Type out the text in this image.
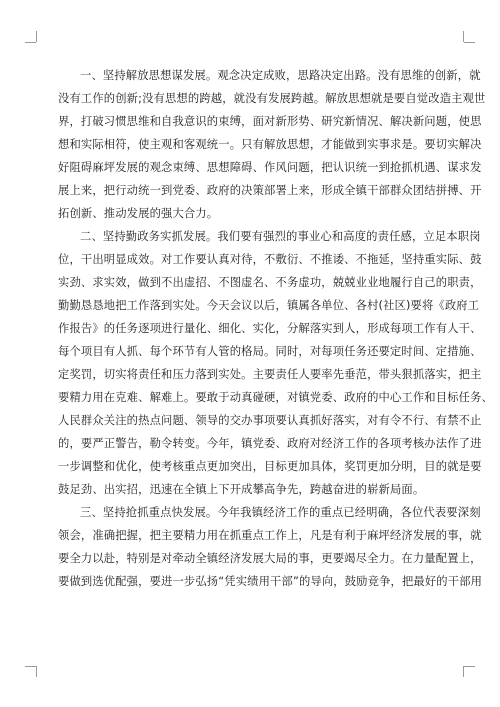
一、坚持解放思想谋发展。观念决定成败，思路决定出路。没有思维的创新，就
没有工作的创新;没有思想的跨越，就没有发展跨越。解放思想就是要自觉改造主观世
界，打破习惯思维和自我意识的束缚，面对新形势、研究新情况、解决新问题，使思
想和实际相符，使主观和客观统一。只有解放思想，才能做到实事求是。要切实解决
好阻碍麻坪发展的观念束缚、思想障碍、作风问题，把认识统一到抢抓机遇、谋求发
展上来，把行动统一到党委、政府的决策部署上来，形成全镇干部群众团结拼搏、开
拓创新、推动发展的强大合力。
二、坚持勤政务实抓发展。我们要有强烈的事业心和高度的责任感，立足本职岗
位，干出明显成效。对工作要认真对待，不敷衍、不推诿、不拖延，坚持重实际、鼓
实劲、求实效，做到不出虚招、不图虚名、不务虚功，兢兢业业地履行自己的职责，
勤勤恳恳地把工作落到实处。今天会议以后，镇属各单位、各村(社区)要将《政府工
作报告》的任务逐项进行量化、细化、实化，分解落实到人，形成每项工作有人干、
每个项目有人抓、每个环节有人管的格局。同时，对每项任务还要定时间、定措施、
定奖罚，切实将责任和压力落到实处。主要责任人要率先垂范，带头狠抓落实，把主
要精力用在克难、解难上。要敢于动真碰硬，对镇党委、政府的中心工作和目标任务、
人民群众关注的热点问题、领导的交办事项要认真抓好落实，对有令不行、有禁不止
的，要严正警告，勒令转变。今年，镇党委、政府对经济工作的各项考核办法作了进
一步调整和优化，使考核重点更加突出，目标更加具体，奖罚更加分明，目的就是要
鼓足劲、出实招，迅速在全镇上下开成攀高争先，跨越奋进的崭新局面。
三、坚持抢抓重点快发展。今年我镇经济工作的重点已经明确，各位代表要深刻
领会，准确把握，把主要精力用在抓重点工作上，凡是有利于麻坪经济发展的事，就
要全力以赴，特别是对牵动全镇经济发展大局的事，更要竭尽全力。在力量配置上，
要做到选优配强，要进一步弘扬“凭实绩用干部”的导向，鼓励竞争，把最好的干部用
